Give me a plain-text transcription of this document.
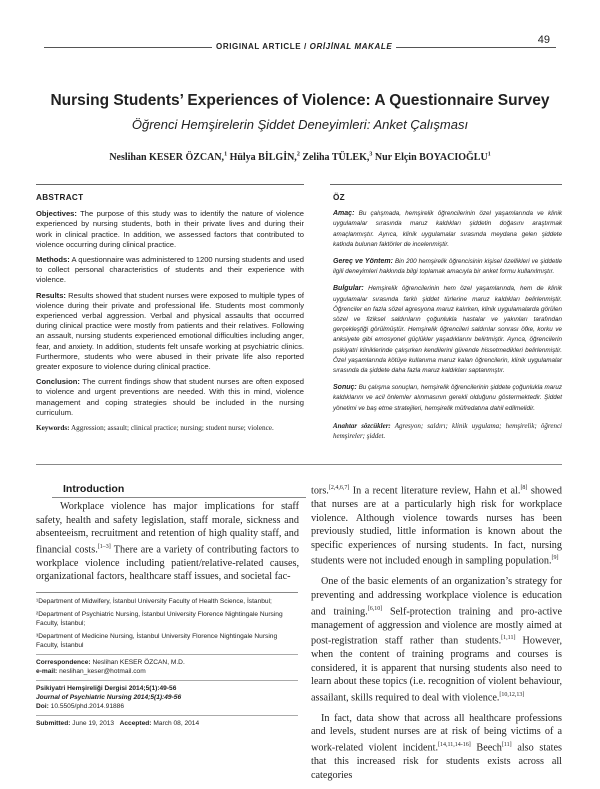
49
ORIGINAL ARTICLE / ORİJİNAL MAKALE
Nursing Students’ Experiences of Violence: A Questionnaire Survey
Öğrenci Hemşirelerin Şiddet Deneyimleri: Anket Çalışması
Neslihan KESER ÖZCAN,$^1$ Hülya BİLGİN,$^2$ Zeliha TÜLEK,$^3$ Nur Elçin BOYACIOĞLU$^1$
ABSTRACT

Objectives: The purpose of this study was to identify the nature of violence experienced by nursing students, both in their private lives and during their work in clinical practice. In addition, we assessed factors that contributed to violence occurring during clinical practice.

Methods: A questionnaire was administered to 1200 nursing students and used to collect personal characteristics of students and their experience with violence.

Results: Results showed that student nurses were exposed to multiple types of violence during their private and professional life. Students most commonly experienced verbal aggression. Verbal and physical assaults that occurred during clinical practice were mostly from patients and their relatives. Following an assault, nursing students experienced emotional difficulties including anger, fear, and anxiety. In addition, students felt unsafe working at psychiatric clinics. Furthermore, students who were abused in their private life also reported greater exposure to violence during clinical practice.

Conclusion: The current findings show that student nurses are often exposed to violence and urgent preventions are needed. With this in mind, violence management and coping strategies should be included in the nursing curriculum.

Keywords: Aggression; assault; clinical practice; nursing; student nurse; violence.

ÖZ

Amaç: Bu çalışmada, hemşirelik öğrencilerinin özel yaşamlarında ve klinik uygulamalar sırasında maruz kaldıkları şiddetin doğasını araştırmak amaçlanmıştır. Ayrıca, klinik uygulamalar sırasında meydana gelen şiddete katkıda bulunan faktörler de incelenmiştir.

Gereç ve Yöntem: Bin 200 hemşirelik öğrencisinin kişisel özellikleri ve şiddetle ilgili deneyimleri hakkında bilgi toplamak amacıyla bir anket formu kullanılmıştır.

Bulgular: Hemşirelik öğrencilerinin hem özel yaşamlarında, hem de klinik uygulamalar sırasında farklı şiddet türlerine maruz kaldıkları belirlenmiştir. Öğrenciler en fazla sözel agresyona maruz kalırken, klinik uygulamalarda görülen sözel ve fiziksel saldırıların çoğunlukla hastalar ve yakınları tarafından gerçekleştiği görülmüştür. Hemşirelik öğrencileri saldırılar sonrası öfke, korku ve anksiyete gibi emosyonel güçlükler yaşadıklarını belirtmiştir. Ayrıca, öğrencilerin psikiyatri kliniklerinde çalışırken kendilerini güvende hissetmedikleri belirlenmiştir. Özel yaşamlarında kötüye kullanıma maruz kalan öğrencilerin, klinik uygulamalar sırasında da şiddete daha fazla maruz kaldıkları saptanmıştır.

Sonuç: Bu çalışma sonuçları, hemşirelik öğrencilerinin şiddete çoğunlukla maruz kaldıklarını ve acil önlemler alınmasının gerekli olduğunu göstermektedir. Şiddet yönetimi ve baş etme stratejileri, hemşirelik müfredatına dahil edilmelidir.

Anahtar sözcükler: Agresyon; saldırı; klinik uygulama; hemşirelik; öğrenci hemşireler; şiddet.

Introduction

Workplace violence has major implications for staff safety, health and safety legislation, staff morale, sickness and absenteeism, recruitment and retention of high quality staff, and financial costs.[1–3] There are a variety of contributing factors to workplace violence including patient/relative-related causes, organizational factors, healthcare staff issues, and societal fac-

¹Department of Midwifery, İstanbul University Faculty of Health Science, İstanbul;
²Department of Psychiatric Nursing, İstanbul University Florence Nightingale Nursing Faculty, İstanbul;
³Department of Medicine Nursing, İstanbul University Florence Nightingale Nursing Faculty, İstanbul
Correspondence: Neslihan KESER ÖZCAN, M.D.
e-mail: neslihan_keser@hotmail.com
Psikiyatri Hemşireliği Dergisi 2014;5(1):49-56
Journal of Psychiatric Nursing 2014;5(1):49-56
Doi: 10.5505/phd.2014.91886
Submitted: June 19, 2013 Accepted: March 08, 2014

tors.[2,4,6,7] In a recent literature review, Hahn et al.[8] showed that nurses are at a particularly high risk for workplace violence. Although violence towards nurses has been previously studied, little information is known about the specific experiences of nursing students. In fact, nursing students were not included enough in sampling population.[9]

One of the basic elements of an organization’s strategy for preventing and addressing workplace violence is education and training.[6,10] Self-protection training and pro-active management of aggression and violence are mostly aimed at post-registration staff rather than students.[1,11] However, when the content of training programs and courses is considered, it is apparent that nursing students also need to learn about these topics (i.e. recognition of violent behaviour, assailant, skills required to deal with violence.[10,12,13]

In fact, data show that across all healthcare professions and levels, student nurses are at risk of being victims of a work-related violent incident.[14,11,14-16] Beech[11] also states that this increased risk for students exists across all categories
